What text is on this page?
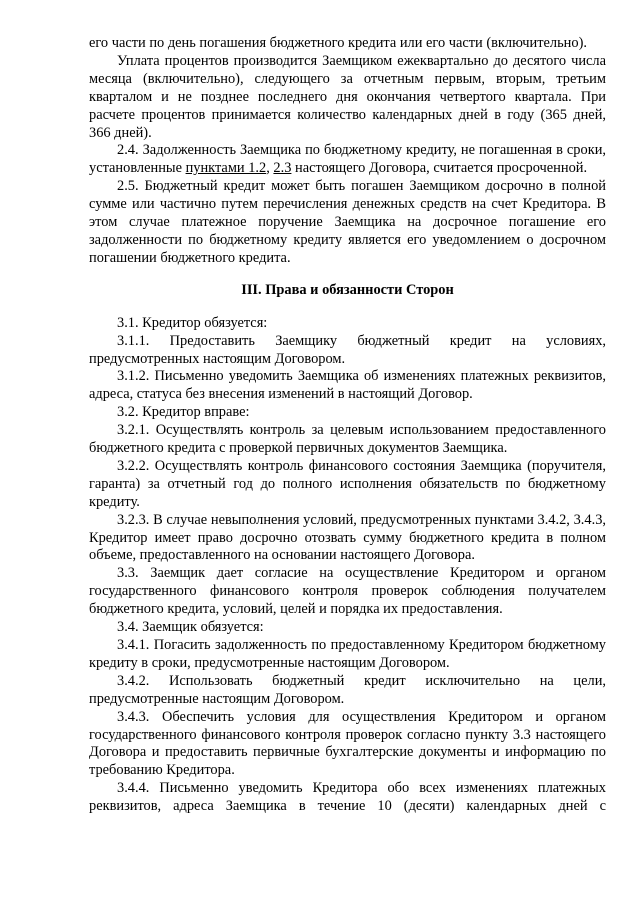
его части по день погашения бюджетного кредита или его части (включительно).

Уплата процентов производится Заемщиком ежеквартально до десятого числа месяца (включительно), следующего за отчетным первым, вторым, третьим кварталом и не позднее последнего дня окончания четвертого квартала. При расчете процентов принимается количество календарных дней в году (365 дней, 366 дней).

2.4. Задолженность Заемщика по бюджетному кредиту, не погашенная в сроки, установленные пунктами 1.2, 2.3 настоящего Договора, считается просроченной.

2.5. Бюджетный кредит может быть погашен Заемщиком досрочно в полной сумме или частично путем перечисления денежных средств на счет Кредитора. В этом случае платежное поручение Заемщика на досрочное погашение его задолженности по бюджетному кредиту является его уведомлением о досрочном погашении бюджетного кредита.

III. Права и обязанности Сторон

3.1. Кредитор обязуется:

3.1.1. Предоставить Заемщику бюджетный кредит на условиях, предусмотренных настоящим Договором.

3.1.2. Письменно уведомить Заемщика об изменениях платежных реквизитов, адреса, статуса без внесения изменений в настоящий Договор.

3.2. Кредитор вправе:

3.2.1. Осуществлять контроль за целевым использованием предоставленного бюджетного кредита с проверкой первичных документов Заемщика.

3.2.2. Осуществлять контроль финансового состояния Заемщика (поручителя, гаранта) за отчетный год до полного исполнения обязательств по бюджетному кредиту.

3.2.3. В случае невыполнения условий, предусмотренных пунктами 3.4.2, 3.4.3, Кредитор имеет право досрочно отозвать сумму бюджетного кредита в полном объеме, предоставленного на основании настоящего Договора.

3.3. Заемщик дает согласие на осуществление Кредитором и органом государственного финансового контроля проверок соблюдения получателем бюджетного кредита, условий, целей и порядка их предоставления.

3.4. Заемщик обязуется:

3.4.1. Погасить задолженность по предоставленному Кредитором бюджетному кредиту в сроки, предусмотренные настоящим Договором.

3.4.2. Использовать бюджетный кредит исключительно на цели, предусмотренные настоящим Договором.

3.4.3. Обеспечить условия для осуществления Кредитором и органом государственного финансового контроля проверок согласно пункту 3.3 настоящего Договора и предоставить первичные бухгалтерские документы и информацию по требованию Кредитора.

3.4.4. Письменно уведомить Кредитора обо всех изменениях платежных реквизитов, адреса Заемщика в течение 10 (десяти) календарных дней с
